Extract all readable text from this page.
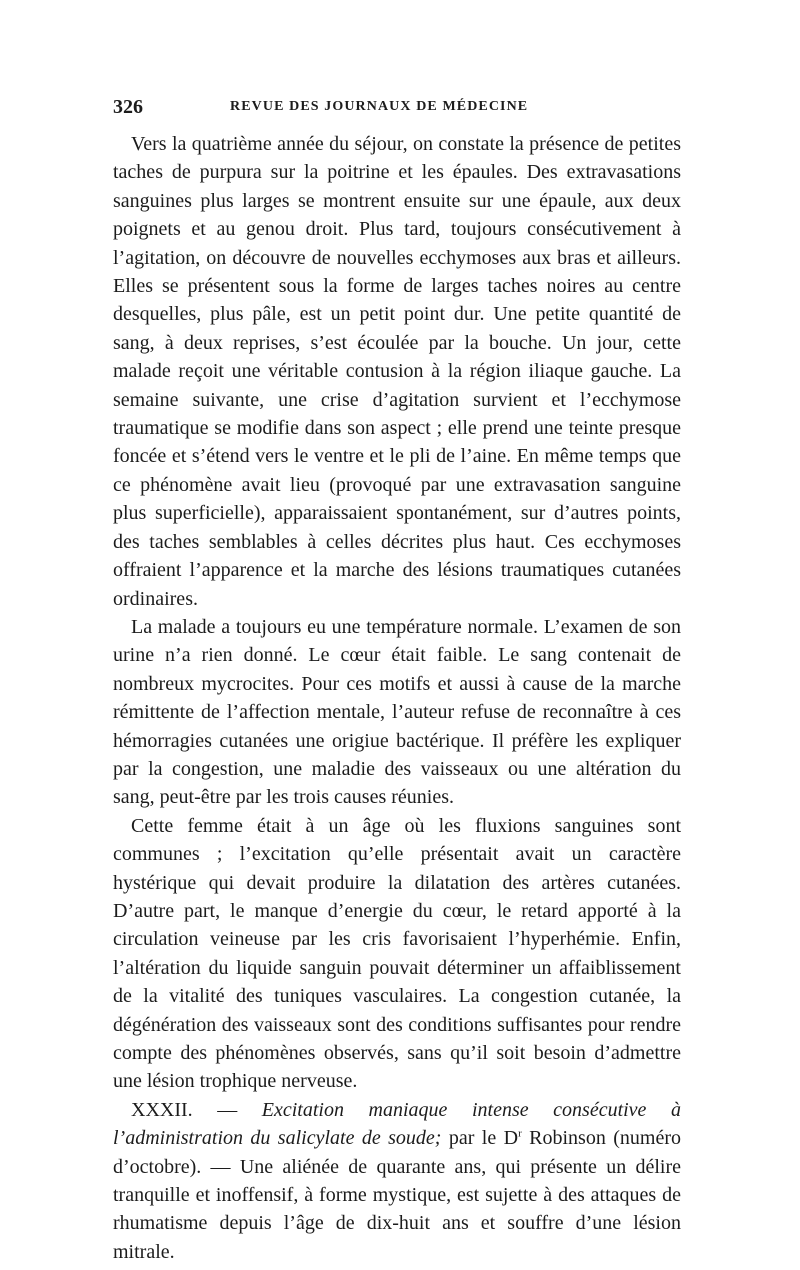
326	REVUE DES JOURNAUX DE MÉDECINE

Vers la quatrième année du séjour, on constate la présence de petites taches de purpura sur la poitrine et les épaules. Des extravasations sanguines plus larges se montrent ensuite sur une épaule, aux deux poignets et au genou droit. Plus tard, toujours consécutivement à l’agitation, on découvre de nouvelles ecchymoses aux bras et ailleurs. Elles se présentent sous la forme de larges taches noires au centre desquelles, plus pâle, est un petit point dur. Une petite quantité de sang, à deux reprises, s’est écoulée par la bouche. Un jour, cette malade reçoit une véritable contusion à la région iliaque gauche. La semaine suivante, une crise d’agitation survient et l’ecchymose traumatique se modifie dans son aspect ; elle prend une teinte presque foncée et s’étend vers le ventre et le pli de l’aine. En même temps que ce phénomène avait lieu (provoqué par une extravasation sanguine plus superficielle), apparaissaient spontanément, sur d’autres points, des taches semblables à celles décrites plus haut. Ces ecchymoses offraient l’apparence et la marche des lésions traumatiques cutanées ordinaires.

La malade a toujours eu une température normale. L’examen de son urine n’a rien donné. Le cœur était faible. Le sang contenait de nombreux mycrocites. Pour ces motifs et aussi à cause de la marche rémittente de l’affection mentale, l’auteur refuse de reconnaître à ces hémorragies cutanées une origiue bactérique. Il préfère les expliquer par la congestion, une maladie des vaisseaux ou une altération du sang, peut-être par les trois causes réunies.

Cette femme était à un âge où les fluxions sanguines sont communes ; l’excitation qu’elle présentait avait un caractère hystérique qui devait produire la dilatation des artères cutanées. D’autre part, le manque d’energie du cœur, le retard apporté à la circulation veineuse par les cris favorisaient l’hyperhémie. Enfin, l’altération du liquide sanguin pouvait déterminer un affaiblissement de la vitalité des tuniques vasculaires. La congestion cutanée, la dégénération des vaisseaux sont des conditions suffisantes pour rendre compte des phénomènes observés, sans qu’il soit besoin d’admettre une lésion trophique nerveuse.

XXXII. — Excitation maniaque intense consécutive à l’administration du salicylate de soude; par le $D^r$ Robinson (numéro d’octobre). — Une aliénée de quarante ans, qui présente un délire tranquille et inoffensif, à forme mystique, est sujette à des attaques de rhumatisme depuis l’âge de dix-huit ans et souffre d’une lésion mitrale.
